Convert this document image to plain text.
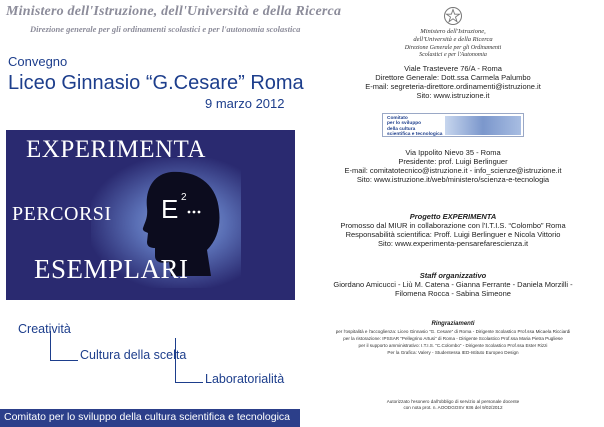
Ministero dell'Istruzione, dell'Università e della Ricerca
Direzione generale per gli ordinamenti scolastici e per l'autonomia scolastica
Convegno
Liceo Ginnasio “G.Cesare” Roma
9 marzo 2012
E 2
EXPERIMENTA
PERCORSI
ESEMPLARI
Creatività
Cultura della scelta
Laboratorialità
Comitato per lo sviluppo della cultura scientifica e tecnologica
Ministero dell'Istruzione,
dell'Università e della Ricerca
Direzione Generale per gli Ordinamenti
Scolastici e per l'Autonomia
Viale Trastevere 76/A - Roma
Direttore Generale: Dott.ssa Carmela Palumbo
E-mail: segreteria-direttore.ordinamenti@istruzione.it
Sito: www.istruzione.it
Comitato
per lo sviluppo
della cultura
scientifica e tecnologica
Via Ippolito Nievo 35 - Roma
Presidente: prof. Luigi Berlinguer
E-mail: comitatotecnico@istruzione.it - info_scienze@istruzione.it
Sito: www.istruzione.it/web/ministero/scienza-e-tecnologia
Progetto EXPERIMENTA
Promosso dal MIUR in collaborazione con l'I.T.I.S. “Colombo” Roma
Responsabilità scientifica: Proff. Luigi Berlinguer e Nicola Vittorio
Sito: www.experimenta-pensarefarescienza.it
Staff organizzativo
Giordano Amicucci - Liù M. Catena - Gianna Ferrante - Daniela Morzilli -
Filomena Rocca - Sabina Simeone
Ringraziamenti
per l'ospitalità e l'accoglienza: Liceo Ginnasio “G. Cesare” di Roma - Dirigente Scolastico Prof.ssa Micaela Ricciardi
per la ristorazione: IPSSAR “Pellegrino Artusi” di Roma - Dirigente Scolastico Prof.ssa Maria Pietra Pugliese
per il supporto amministrativo: I.T.I.S. “C.Colombo” - Dirigente Scolastico Prof.ssa Ester Rizzi
Per la Grafica: Valery - Studentessa IED-Istituto Europeo Design
Autorizzato l'esonero dall'obbligo di servizio al personale docente
con nota prot. n. AOODGOSV 936 del 9/02/2012
